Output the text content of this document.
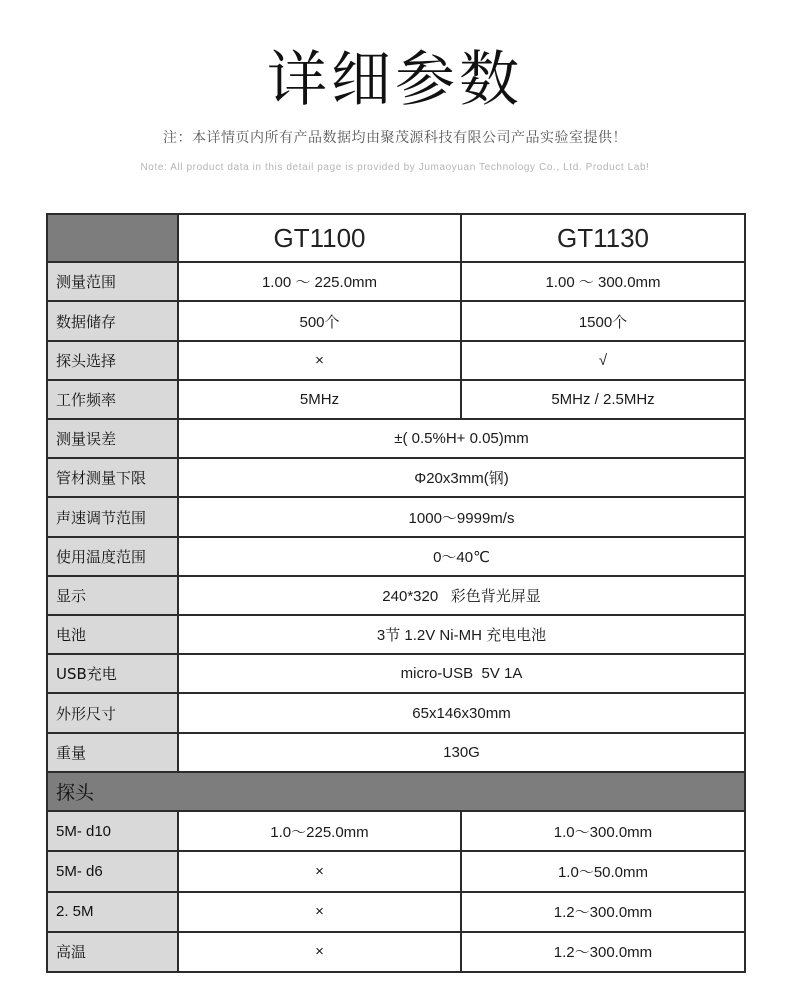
详细参数
注：本详情页内所有产品数据均由聚茂源科技有限公司产品实验室提供！
Note: All product data in this detail page is provided by Jumaoyuan Technology Co., Ltd. Product Lab!
	GT1100	GT1130
测量范围	1.00 ～ 225.0mm	1.00 ～ 300.0mm
数据储存	500个	1500个
探头选择	×	√
工作频率	5MHz	5MHz / 2.5MHz
测量误差	±( 0.5%H+ 0.05)mm	
管材测量下限	Φ20x3mm(钢)	
声速调节范围	1000～9999m/s	
使用温度范围	0～40℃	
显示	240*320   彩色背光屏显	
电池	3节 1.2V Ni-MH 充电电池	
USB充电	micro-USB  5V 1A	
外形尺寸	65x146x30mm	
重量	130G	
探头		
5M- d10	1.0～225.0mm	1.0～300.0mm
5M- d6	×	1.0～50.0mm
2. 5M	×	1.2～300.0mm
高温	×	1.2～300.0mm
